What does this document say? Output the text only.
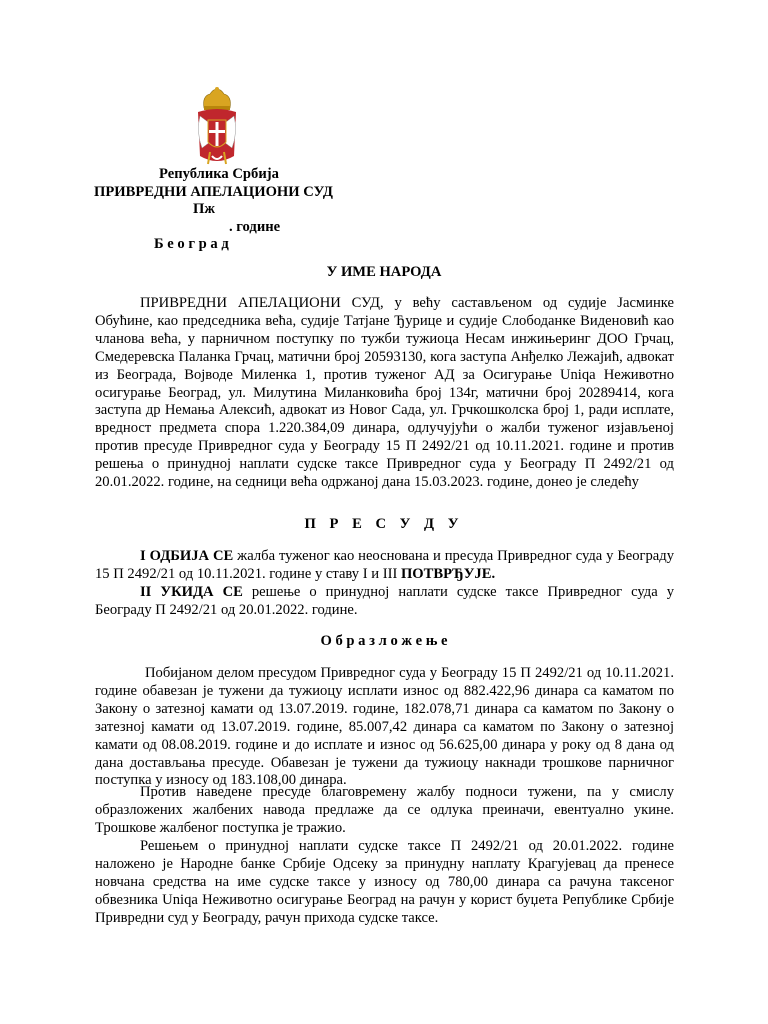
Република Србија
ПРИВРЕДНИ АПЕЛАЦИОНИ СУД
Пж
. године
Б е о г р а д
У ИМЕ НАРОДА
ПРИВРЕДНИ АПЕЛАЦИОНИ СУД, у већу састављеном од судије Јасминке Обућине, као председника већа, судије Татјане Ђурице и судије Слободанке Виденовић као чланова већа, у парничном поступку по тужби тужиоца Несам инжињеринг ДОО Грчац, Смедеревска Паланка Грчац, матични број 20593130, кога заступа Анђелко Лежајић, адвокат из Београда, Војводе Миленка 1, против туженог АД за Осигурање Uniqa Неживотно осигурање Београд, ул. Милутина Миланковића број 134г, матични број 20289414, кога заступа др Немања Алексић, адвокат из Новог Сада, ул. Грчкошколска број 1, ради исплате, вредност предмета спора 1.220.384,09 динара, одлучујући о жалби туженог изјављеној против пресуде Привредног суда у Београду 15 П 2492/21 од 10.11.2021. године и против решења о принудној наплати судске таксе Привредног суда у Београду П 2492/21 од 20.01.2022. године, на седници већа одржаној дана 15.03.2023. године, донео је следећу
П Р Е С У Д У
I ОДБИЈА СЕ жалба туженог као неоснована и пресуда Привредног суда у Београду 15 П 2492/21 од 10.11.2021. године у ставу I и III ПОТВРЂУЈЕ.
II УКИДА СЕ решење о принудној наплати судске таксе Привредног суда у Београду П 2492/21 од 20.01.2022. године.
О б р а з л о ж е њ е
Побијаном делом пресудом Привредног суда у Београду 15 П 2492/21 од 10.11.2021. године обавезан је тужени да тужиоцу исплати износ од 882.422,96 динара са каматом по Закону о затезној камати од 13.07.2019. године, 182.078,71 динара са каматом по Закону о затезној камати од 13.07.2019. године, 85.007,42 динара са каматом по Закону о затезној камати од 08.08.2019. године и до исплате и износ од 56.625,00 динара у року од 8 дана од дана достављања пресуде. Обавезан је тужени да тужиоцу накнади трошкове парничног поступка у износу од 183.108,00 динара.
Против наведене пресуде благовремену жалбу подноси тужени, па у смислу образложених жалбених навода предлаже да се одлука преиначи, евентуално укине. Трошкове жалбеног поступка је тражио.
Решењем о принудној наплати судске таксе П 2492/21 од 20.01.2022. године наложено је Народне банке Србије Одсеку за принудну наплату Крагујевац да пренесе новчана средства на име судске таксе у износу од 780,00 динара са рачуна таксеног обвезника Uniqa Неживотно осигурање Београд на рачун у корист буџета Републике Србије Привредни суд у Београду, рачун прихода судске таксе.
